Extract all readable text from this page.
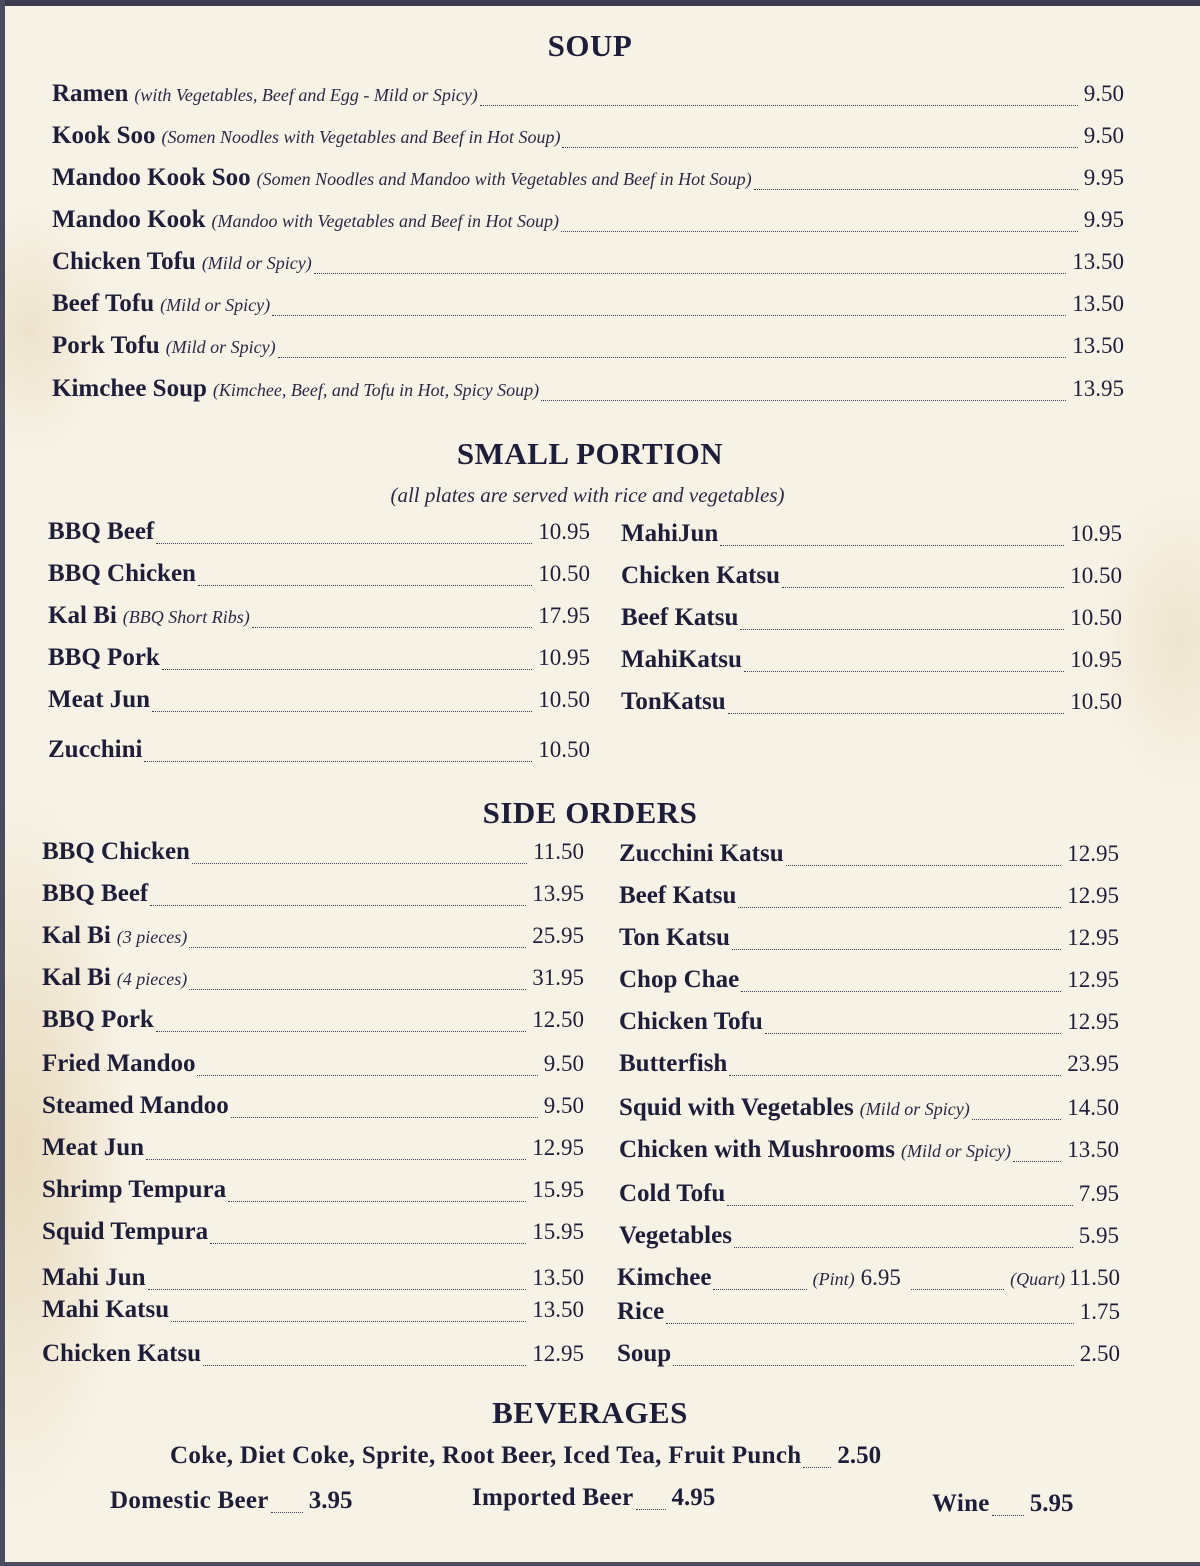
SOUP
Ramen (with Vegetables, Beef and Egg - Mild or Spicy)	9.50
Kook Soo (Somen Noodles with Vegetables and Beef in Hot Soup)	9.50
Mandoo Kook Soo (Somen Noodles and Mandoo with Vegetables and Beef in Hot Soup)	9.95
Mandoo Kook (Mandoo with Vegetables and Beef in Hot Soup)	9.95
Chicken Tofu (Mild or Spicy)	13.50
Beef Tofu (Mild or Spicy)	13.50
Pork Tofu (Mild or Spicy)	13.50
Kimchee Soup (Kimchee, Beef, and Tofu in Hot, Spicy Soup)	13.95
SMALL PORTION
(all plates are served with rice and vegetables)
BBQ Beef	10.95
BBQ Chicken	10.50
Kal Bi (BBQ Short Ribs)	17.95
BBQ Pork	10.95
Meat Jun	10.50
Zucchini	10.50
MahiJun	10.95
Chicken Katsu	10.50
Beef Katsu	10.50
MahiKatsu	10.95
TonKatsu	10.50
SIDE ORDERS
BBQ Chicken	11.50
BBQ Beef	13.95
Kal Bi (3 pieces)	25.95
Kal Bi (4 pieces)	31.95
BBQ Pork	12.50
Fried Mandoo	9.50
Steamed Mandoo	9.50
Meat Jun	12.95
Shrimp Tempura	15.95
Squid Tempura	15.95
Mahi Jun	13.50
Mahi Katsu	13.50
Chicken Katsu	12.95
Zucchini Katsu	12.95
Beef Katsu	12.95
Ton Katsu	12.95
Chop Chae	12.95
Chicken Tofu	12.95
Butterfish	23.95
Squid with Vegetables (Mild or Spicy)	14.50
Chicken with Mushrooms (Mild or Spicy) 13.50
Cold Tofu	7.95
Vegetables	5.95
Rice	1.75
Soup	2.50
Kimchee	(Pint) 6.95	(Quart) 11.50
BEVERAGES
Coke, Diet Coke, Sprite, Root Beer, Iced Tea, Fruit Punch 2.50
Domestic Beer 3.95	Imported Beer 4.95	Wine 5.95
